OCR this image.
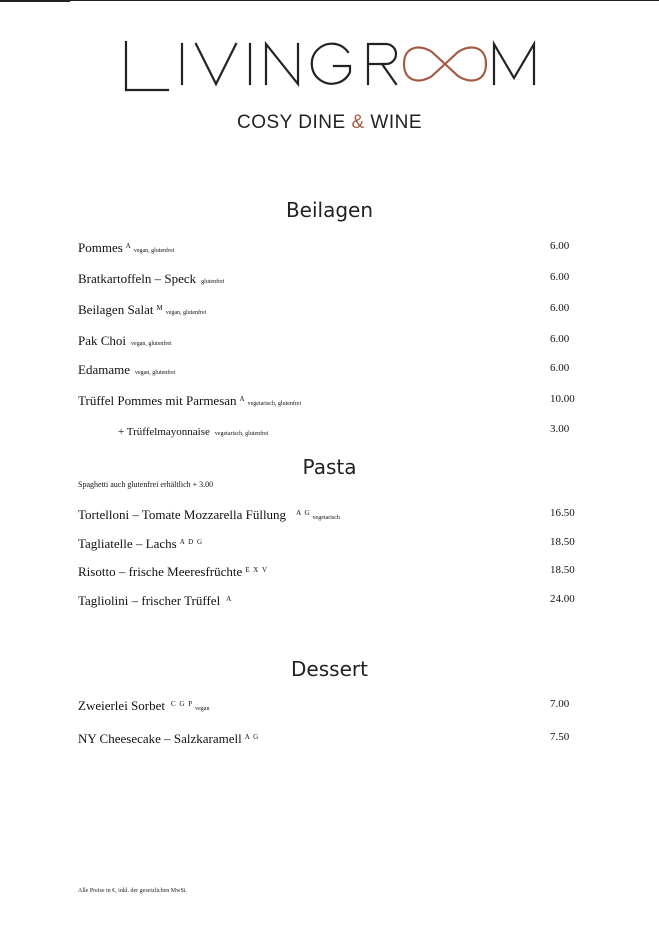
COSY DINE & WINE
Beilagen
Pommes $^A$vegan, glutenfrei	6.00
Bratkartoffeln – Speck glutenfrei	6.00
Beilagen Salat $^M$vegan, glutenfrei	6.00
Pak Choi vegan, glutenfrei	6.00
Edamame vegan, glutenfrei	6.00
Trüffel Pommes mit Parmesan $^A$vegetarisch, glutenfrei	10.00
+ Trüffelmayonnaise vegetarisch, glutenfrei	3.00
Pasta
Spaghetti auch glutenfrei erhältlich + 3.00
Tortelloni – Tomate Mozzarella Füllung $^{A G}$vegetarisch	16.50
Tagliatelle – Lachs $^{A D G}$	18.50
Risotto – frische Meeresfrüchte $^{E X V}$	18.50
Tagliolini – frischer Trüffel $^A$	24.00
Dessert
Zweierlei Sorbet $^{C G P}$vegan	7.00
NY Cheesecake – Salzkaramell $^{A G}$	7.50
Alle Preise in €, inkl. der gesetzlichen MwSt.
